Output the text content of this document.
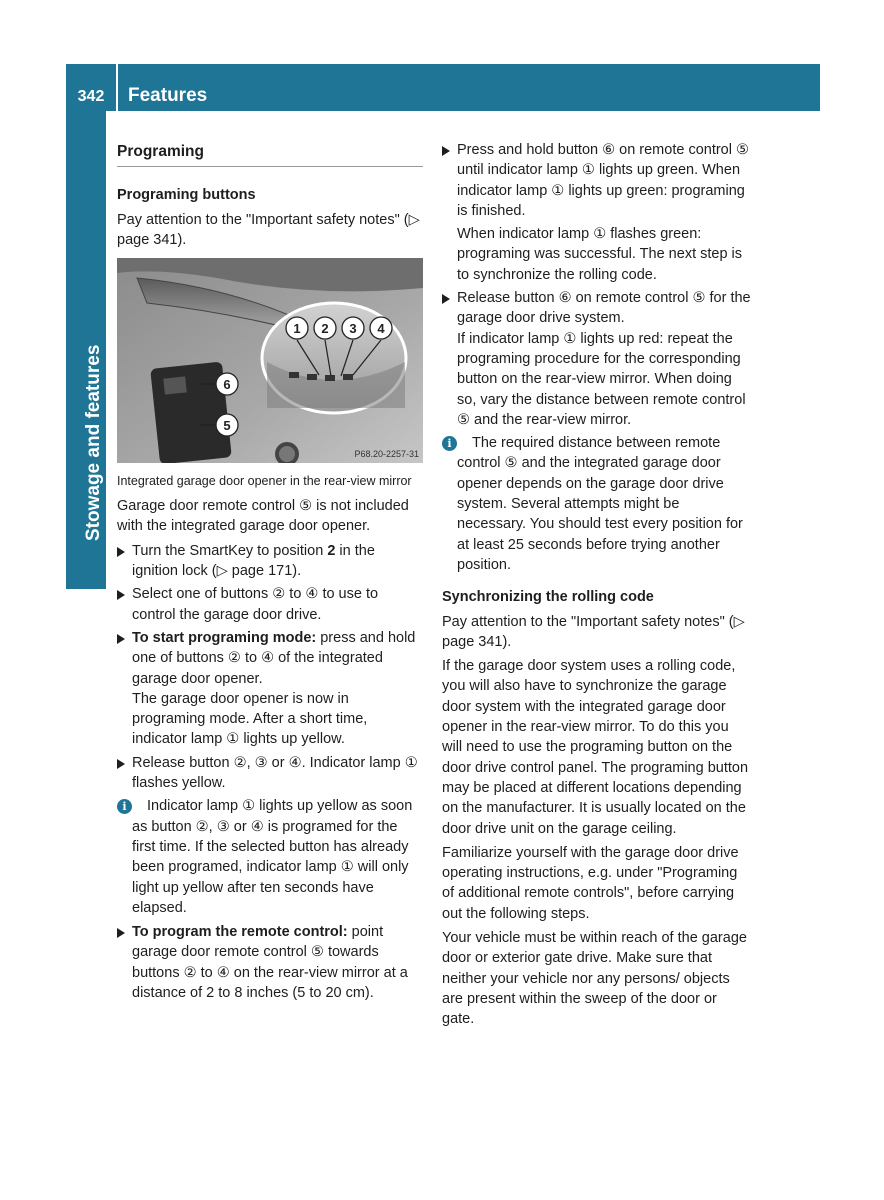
342	Features
Stowage and features
Programing
Programing buttons

Pay attention to the "Important safety notes" (▷ page 341).

1 2 3 4
6
5
P68.20-2257-31

Integrated garage door opener in the rear-view mirror

Garage door remote control ⑤ is not included with the integrated garage door opener.

Turn the SmartKey to position 2 in the ignition lock (▷ page 171).
Select one of buttons ② to ④ to use to control the garage door drive.
To start programing mode: press and hold one of buttons ② to ④ of the integrated garage door opener.
The garage door opener is now in programing mode. After a short time, indicator lamp ① lights up yellow.
Release button ②, ③ or ④. Indicator lamp ① flashes yellow.
i	Indicator lamp ① lights up yellow as soon as button ②, ③ or ④ is programed for the first time. If the selected button has already been programed, indicator lamp ① will only light up yellow after ten seconds have elapsed.
To program the remote control: point garage door remote control ⑤ towards buttons ② to ④ on the rear-view mirror at a distance of 2 to 8 inches (5 to 20 cm).
Press and hold button ⑥ on remote control ⑤ until indicator lamp ① lights up green. When indicator lamp ① lights up green: programing is finished.
When indicator lamp ① flashes green: programing was successful. The next step is to synchronize the rolling code.
Release button ⑥ on remote control ⑤ for the garage door drive system.
If indicator lamp ① lights up red: repeat the programing procedure for the corresponding button on the rear-view mirror. When doing so, vary the distance between remote control ⑤ and the rear-view mirror.
i	The required distance between remote control ⑤ and the integrated garage door opener depends on the garage door drive system. Several attempts might be necessary. You should test every position for at least 25 seconds before trying another position.
Synchronizing the rolling code

Pay attention to the "Important safety notes" (▷ page 341).

If the garage door system uses a rolling code, you will also have to synchronize the garage door system with the integrated garage door opener in the rear-view mirror. To do this you will need to use the programing button on the door drive control panel. The programing button may be placed at different locations depending on the manufacturer. It is usually located on the door drive unit on the garage ceiling.

Familiarize yourself with the garage door drive operating instructions, e.g. under "Programing of additional remote controls", before carrying out the following steps.

Your vehicle must be within reach of the garage door or exterior gate drive. Make sure that neither your vehicle nor any persons/ objects are present within the sweep of the door or gate.
